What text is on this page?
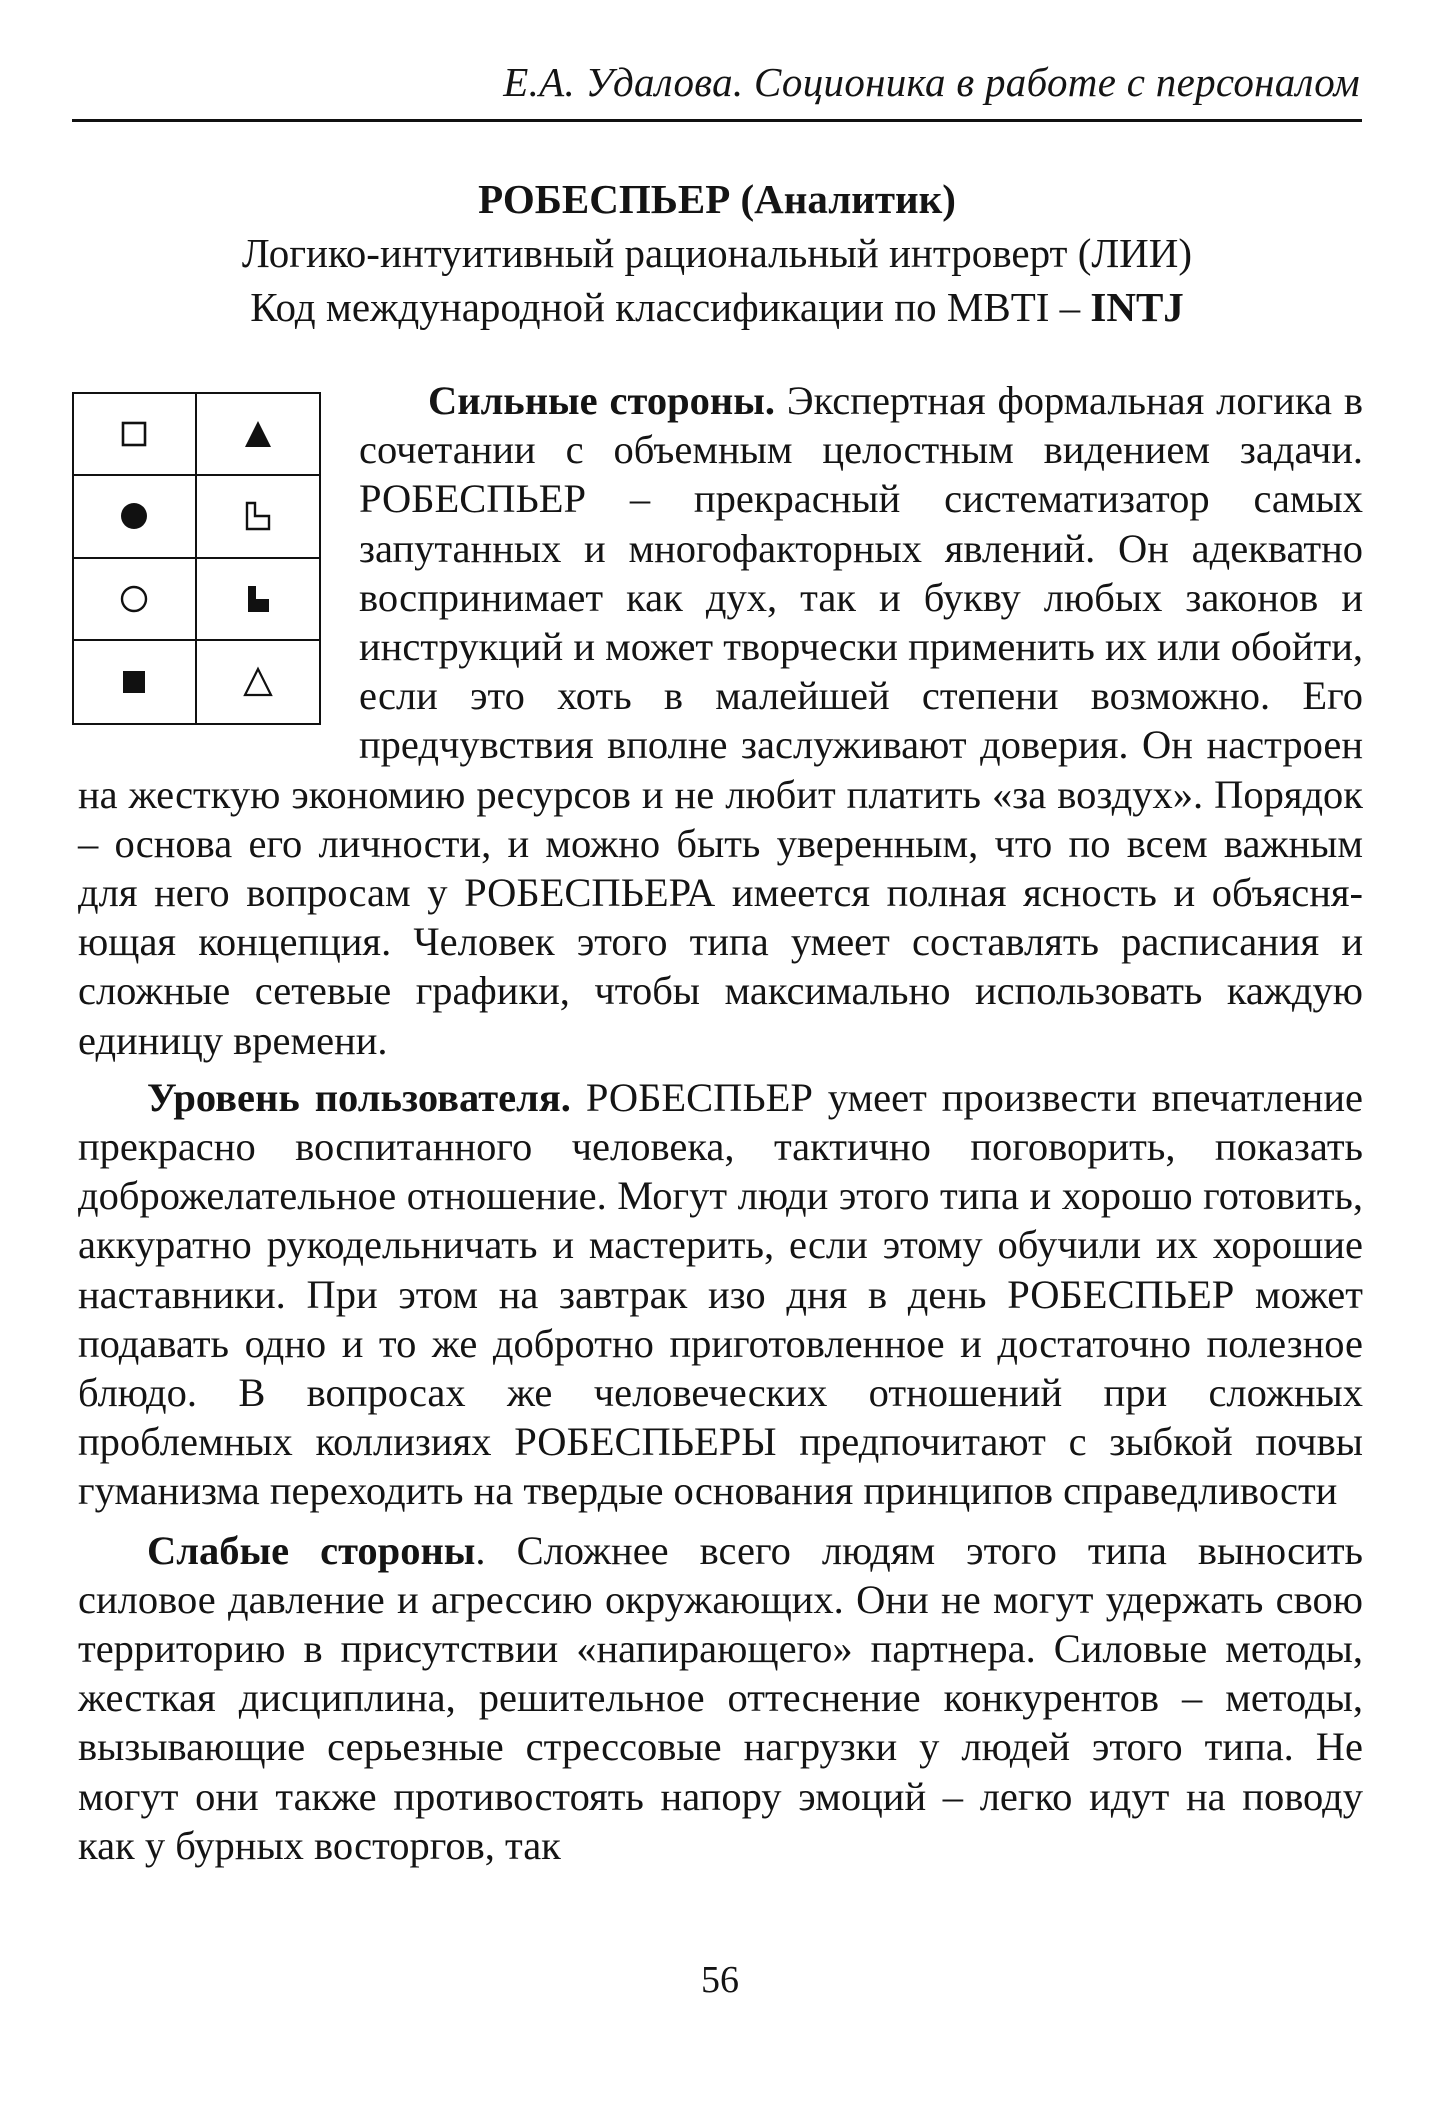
Е.А. Удалова. Соционика в работе с персоналом
РОБЕСПЬЕР (Аналитик)
Логико-интуитивный рациональный интроверт (ЛИИ)
Код международной классификации по MBTI – INTJ

Сильные стороны. Экспертная формальная логика в сочетании с объемным целостным видением задачи. РОБЕСПЬЕР – прекрасный систематизатор самых запутанных и многофакторных явлений. Он адекватно воспринимает как дух, так и букву любых законов и инструкций и может творчески применить их или обойти, если это хоть в малейшей степени возможно. Его предчувствия вполне заслуживают доверия. Он настроен на жесткую экономию ресурсов и не любит платить «за воздух». Порядок – основа его личности, и можно быть уверенным, что по всем важным для него вопросам у РОБЕСПЬЕРА имеется полная ясность и объясняющая концепция. Человек этого типа умеет составлять расписания и сложные сетевые графики, чтобы максимально использовать каждую единицу времени.

Уровень пользователя. РОБЕСПЬЕР умеет произвести впечатление прекрасно воспитанного человека, тактично поговорить, показать доброжелательное отношение. Могут люди этого типа и хорошо готовить, аккуратно рукодельничать и мастерить, если этому обучили их хорошие наставники. При этом на завтрак изо дня в день РОБЕСПЬЕР может подавать одно и то же добротно приготовленное и достаточно полезное блюдо. В вопросах же человеческих отношений при сложных проблемных коллизиях РОБЕСПЬЕРЫ предпочитают с зыбкой почвы гуманизма переходить на твердые основания принципов справедливости

Слабые стороны. Сложнее всего людям этого типа выносить силовое давление и агрессию окружающих. Они не могут удержать свою территорию в присутствии «напирающего» партнера. Силовые методы, жесткая дисциплина, решительное оттеснение конкурентов – методы, вызывающие серьезные стрессовые нагрузки у людей этого типа. Не могут они также противостоять напору эмоций – легко идут на поводу как у бурных восторгов, так

56
